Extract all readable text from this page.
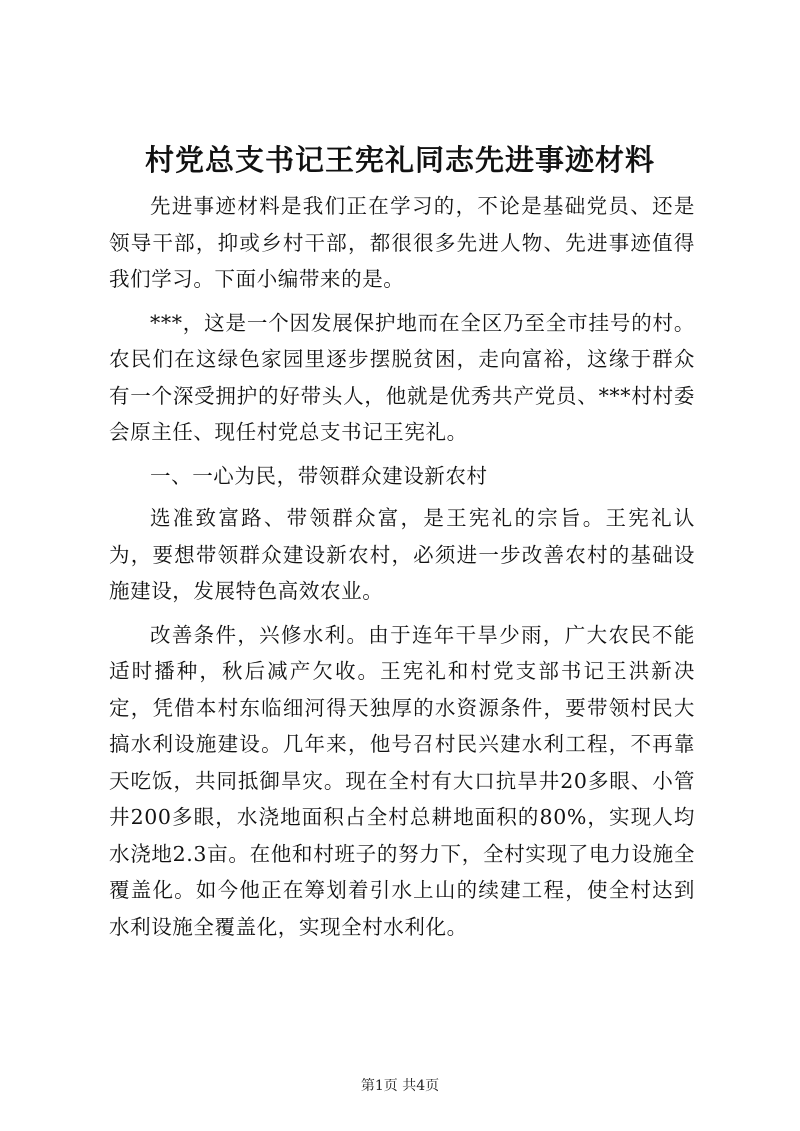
村党总支书记王宪礼同志先进事迹材料

先进事迹材料是我们正在学习的，不论是基础党员、还是领导干部，抑或乡村干部，都很很多先进人物、先进事迹值得我们学习。下面小编带来的是。

***，这是一个因发展保护地而在全区乃至全市挂号的村。农民们在这绿色家园里逐步摆脱贫困，走向富裕，这缘于群众有一个深受拥护的好带头人，他就是优秀共产党员、***村村委会原主任、现任村党总支书记王宪礼。

一、一心为民，带领群众建设新农村

选准致富路、带领群众富，是王宪礼的宗旨。王宪礼认为，要想带领群众建设新农村，必须进一步改善农村的基础设施建设，发展特色高效农业。

改善条件，兴修水利。由于连年干旱少雨，广大农民不能适时播种，秋后减产欠收。王宪礼和村党支部书记王洪新决定，凭借本村东临细河得天独厚的水资源条件，要带领村民大搞水利设施建设。几年来，他号召村民兴建水利工程，不再靠天吃饭，共同抵御旱灾。现在全村有大口抗旱井20多眼、小管井200多眼，水浇地面积占全村总耕地面积的80%，实现人均水浇地2.3亩。在他和村班子的努力下，全村实现了电力设施全覆盖化。如今他正在筹划着引水上山的续建工程，使全村达到水利设施全覆盖化，实现全村水利化。

第1页 共4页
